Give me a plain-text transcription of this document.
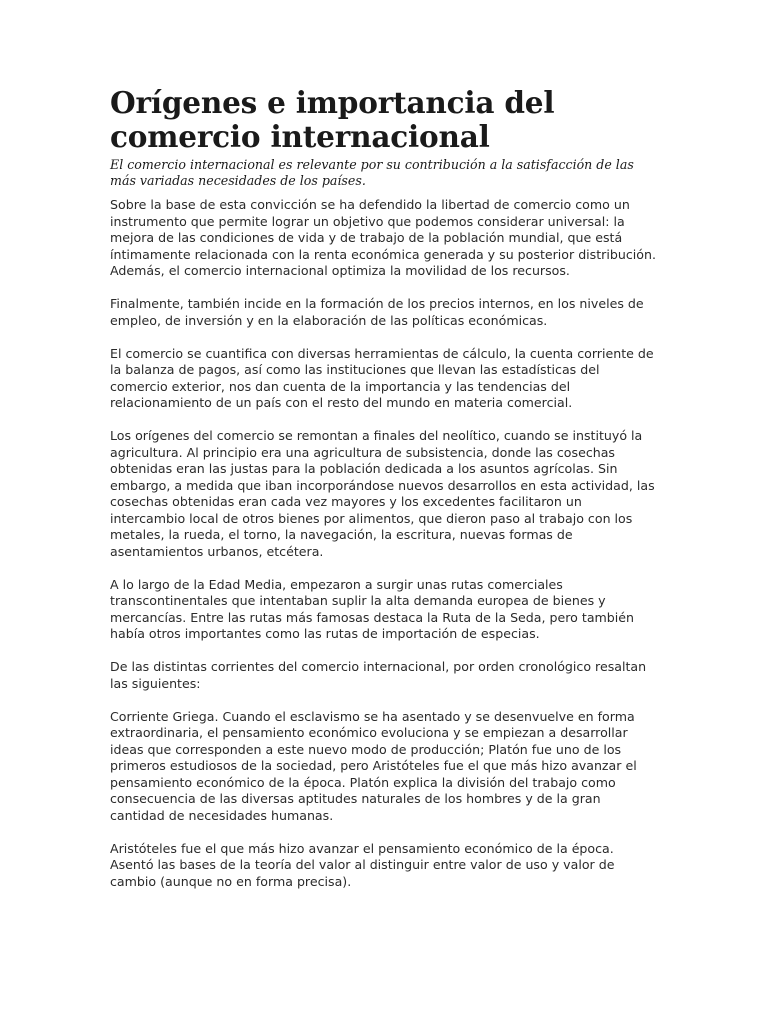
Orígenes e importancia del comercio internacional

El comercio internacional es relevante por su contribución a la satisfacción de las más variadas necesidades de los países.

Sobre la base de esta convicción se ha defendido la libertad de comercio como un instrumento que permite lograr un objetivo que podemos considerar universal: la mejora de las condiciones de vida y de trabajo de la población mundial, que está íntimamente relacionada con la renta económica generada y su posterior distribución. Además, el comercio internacional optimiza la movilidad de los recursos.

Finalmente, también incide en la formación de los precios internos, en los niveles de empleo, de inversión y en la elaboración de las políticas económicas.

El comercio se cuantifica con diversas herramientas de cálculo, la cuenta corriente de la balanza de pagos, así como las instituciones que llevan las estadísticas del comercio exterior, nos dan cuenta de la importancia y las tendencias del relacionamiento de un país con el resto del mundo en materia comercial.

Los orígenes del comercio se remontan a finales del neolítico, cuando se instituyó la agricultura. Al principio era una agricultura de subsistencia, donde las cosechas obtenidas eran las justas para la población dedicada a los asuntos agrícolas. Sin embargo, a medida que iban incorporándose nuevos desarrollos en esta actividad, las cosechas obtenidas eran cada vez mayores y los excedentes facilitaron un intercambio local de otros bienes por alimentos, que dieron paso al trabajo con los metales, la rueda, el torno, la navegación, la escritura, nuevas formas de asentamientos urbanos, etcétera.

A lo largo de la Edad Media, empezaron a surgir unas rutas comerciales transcontinentales que intentaban suplir la alta demanda europea de bienes y mercancías. Entre las rutas más famosas destaca la Ruta de la Seda, pero también había otros importantes como las rutas de importación de especias.

De las distintas corrientes del comercio internacional, por orden cronológico resaltan las siguientes:

Corriente Griega. Cuando el esclavismo se ha asentado y se desenvuelve en forma extraordinaria, el pensamiento económico evoluciona y se empiezan a desarrollar ideas que corresponden a este nuevo modo de producción; Platón fue uno de los primeros estudiosos de la sociedad, pero Aristóteles fue el que más hizo avanzar el pensamiento económico de la época. Platón explica la división del trabajo como consecuencia de las diversas aptitudes naturales de los hombres y de la gran cantidad de necesidades humanas.

Aristóteles fue el que más hizo avanzar el pensamiento económico de la época. Asentó las bases de la teoría del valor al distinguir entre valor de uso y valor de cambio (aunque no en forma precisa).
